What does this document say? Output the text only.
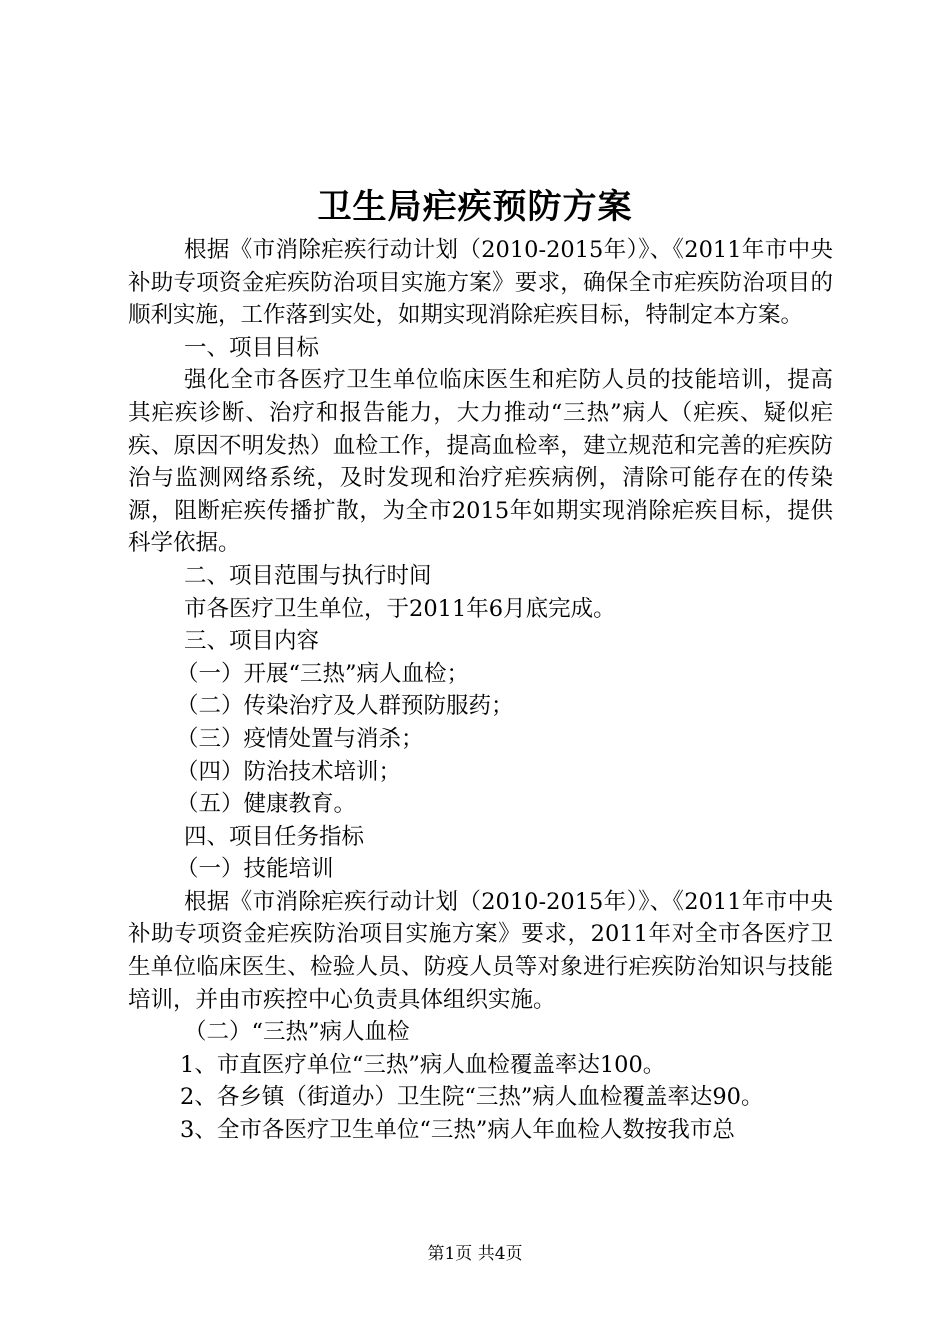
卫生局疟疾预防方案

根据《市消除疟疾行动计划（2010-2015年）》、《2011年市中央补助专项资金疟疾防治项目实施方案》要求，确保全市疟疾防治项目的顺利实施，工作落到实处，如期实现消除疟疾目标，特制定本方案。

一、项目目标

强化全市各医疗卫生单位临床医生和疟防人员的技能培训，提高其疟疾诊断、治疗和报告能力，大力推动“三热”病人（疟疾、疑似疟疾、原因不明发热）血检工作，提高血检率，建立规范和完善的疟疾防治与监测网络系统，及时发现和治疗疟疾病例，清除可能存在的传染源，阻断疟疾传播扩散，为全市2015年如期实现消除疟疾目标，提供科学依据。

二、项目范围与执行时间

市各医疗卫生单位，于2011年6月底完成。

三、项目内容

（一）开展“三热”病人血检；

（二）传染治疗及人群预防服药；

（三）疫情处置与消杀；

（四）防治技术培训；

（五）健康教育。

四、项目任务指标

（一）技能培训

根据《市消除疟疾行动计划（2010-2015年）》、《2011年市中央补助专项资金疟疾防治项目实施方案》要求，2011年对全市各医疗卫生单位临床医生、检验人员、防疫人员等对象进行疟疾防治知识与技能培训，并由市疾控中心负责具体组织实施。

（二）“三热”病人血检

1、市直医疗单位“三热”病人血检覆盖率达100。

2、各乡镇（街道办）卫生院“三热”病人血检覆盖率达90。

3、全市各医疗卫生单位“三热”病人年血检人数按我市总

第1页 共4页
